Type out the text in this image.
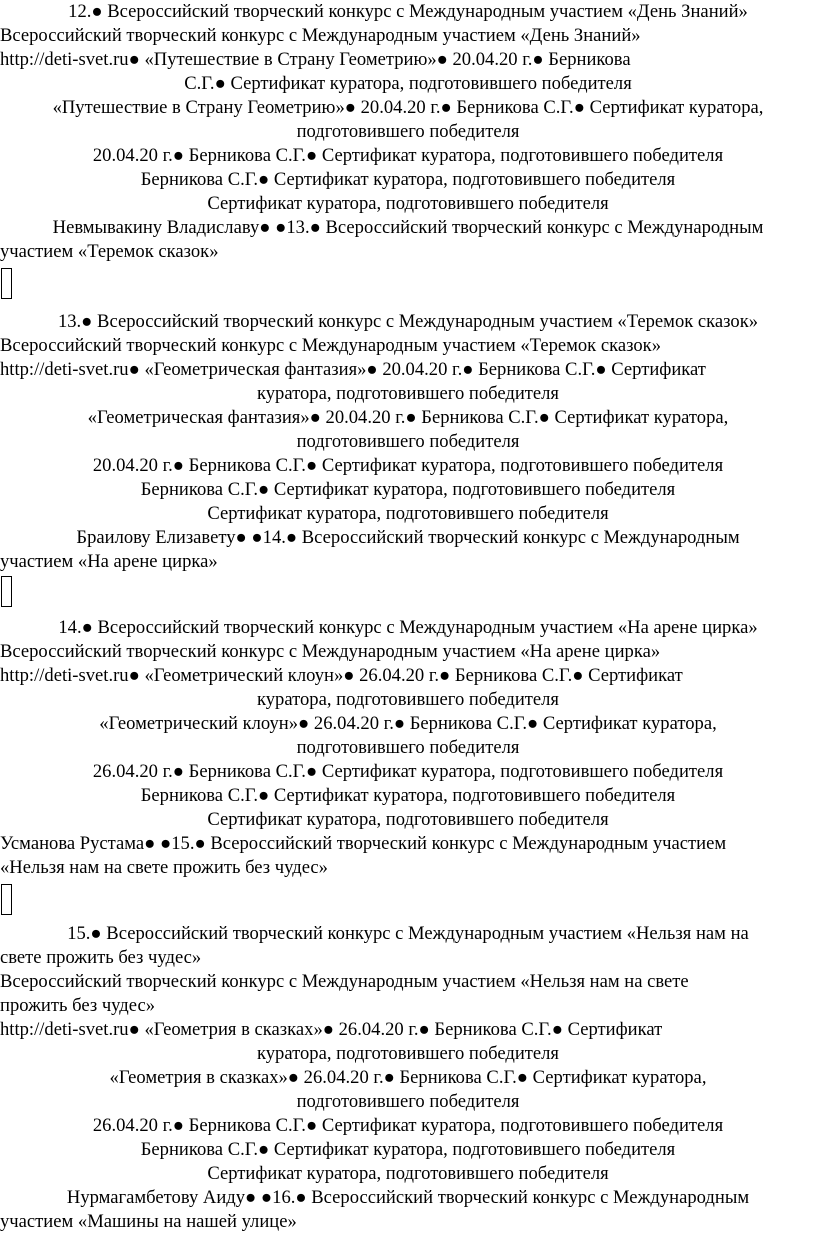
12.● Всероссийский творческий конкурс с Международным участием «День Знаний»
Всероссийский творческий конкурс с Международным участием «День Знаний»
http://deti-svet.ru● «Путешествие в Страну Геометрию»● 20.04.20 г.● Берникова
С.Г.● Сертификат куратора, подготовившего победителя
«Путешествие в Страну Геометрию»● 20.04.20 г.● Берникова С.Г.● Сертификат куратора,
подготовившего победителя
20.04.20 г.● Берникова С.Г.● Сертификат куратора, подготовившего победителя
Берникова С.Г.● Сертификат куратора, подготовившего победителя
Сертификат куратора, подготовившего победителя
Невмывакину Владиславу● ●13.● Всероссийский творческий конкурс с Международным
участием «Теремок сказок»
13.● Всероссийский творческий конкурс с Международным участием «Теремок сказок»
Всероссийский творческий конкурс с Международным участием «Теремок сказок»
http://deti-svet.ru● «Геометрическая фантазия»● 20.04.20 г.● Берникова С.Г.● Сертификат
куратора, подготовившего победителя
«Геометрическая фантазия»● 20.04.20 г.● Берникова С.Г.● Сертификат куратора,
подготовившего победителя
20.04.20 г.● Берникова С.Г.● Сертификат куратора, подготовившего победителя
Берникова С.Г.● Сертификат куратора, подготовившего победителя
Сертификат куратора, подготовившего победителя
Браилову Елизавету● ●14.● Всероссийский творческий конкурс с Международным
участием «На арене цирка»
14.● Всероссийский творческий конкурс с Международным участием «На арене цирка»
Всероссийский творческий конкурс с Международным участием «На арене цирка»
http://deti-svet.ru● «Геометрический клоун»● 26.04.20 г.● Берникова С.Г.● Сертификат
куратора, подготовившего победителя
«Геометрический клоун»● 26.04.20 г.● Берникова С.Г.● Сертификат куратора,
подготовившего победителя
26.04.20 г.● Берникова С.Г.● Сертификат куратора, подготовившего победителя
Берникова С.Г.● Сертификат куратора, подготовившего победителя
Сертификат куратора, подготовившего победителя
Усманова Рустама● ●15.● Всероссийский творческий конкурс с Международным участием
«Нельзя нам на свете прожить без чудес»
15.● Всероссийский творческий конкурс с Международным участием «Нельзя нам на
свете прожить без чудес»
Всероссийский творческий конкурс с Международным участием «Нельзя нам на свете
прожить без чудес»
http://deti-svet.ru● «Геометрия в сказках»● 26.04.20 г.● Берникова С.Г.● Сертификат
куратора, подготовившего победителя
«Геометрия в сказках»● 26.04.20 г.● Берникова С.Г.● Сертификат куратора,
подготовившего победителя
26.04.20 г.● Берникова С.Г.● Сертификат куратора, подготовившего победителя
Берникова С.Г.● Сертификат куратора, подготовившего победителя
Сертификат куратора, подготовившего победителя
Нурмагамбетову Аиду● ●16.● Всероссийский творческий конкурс с Международным
участием «Машины на нашей улице»
